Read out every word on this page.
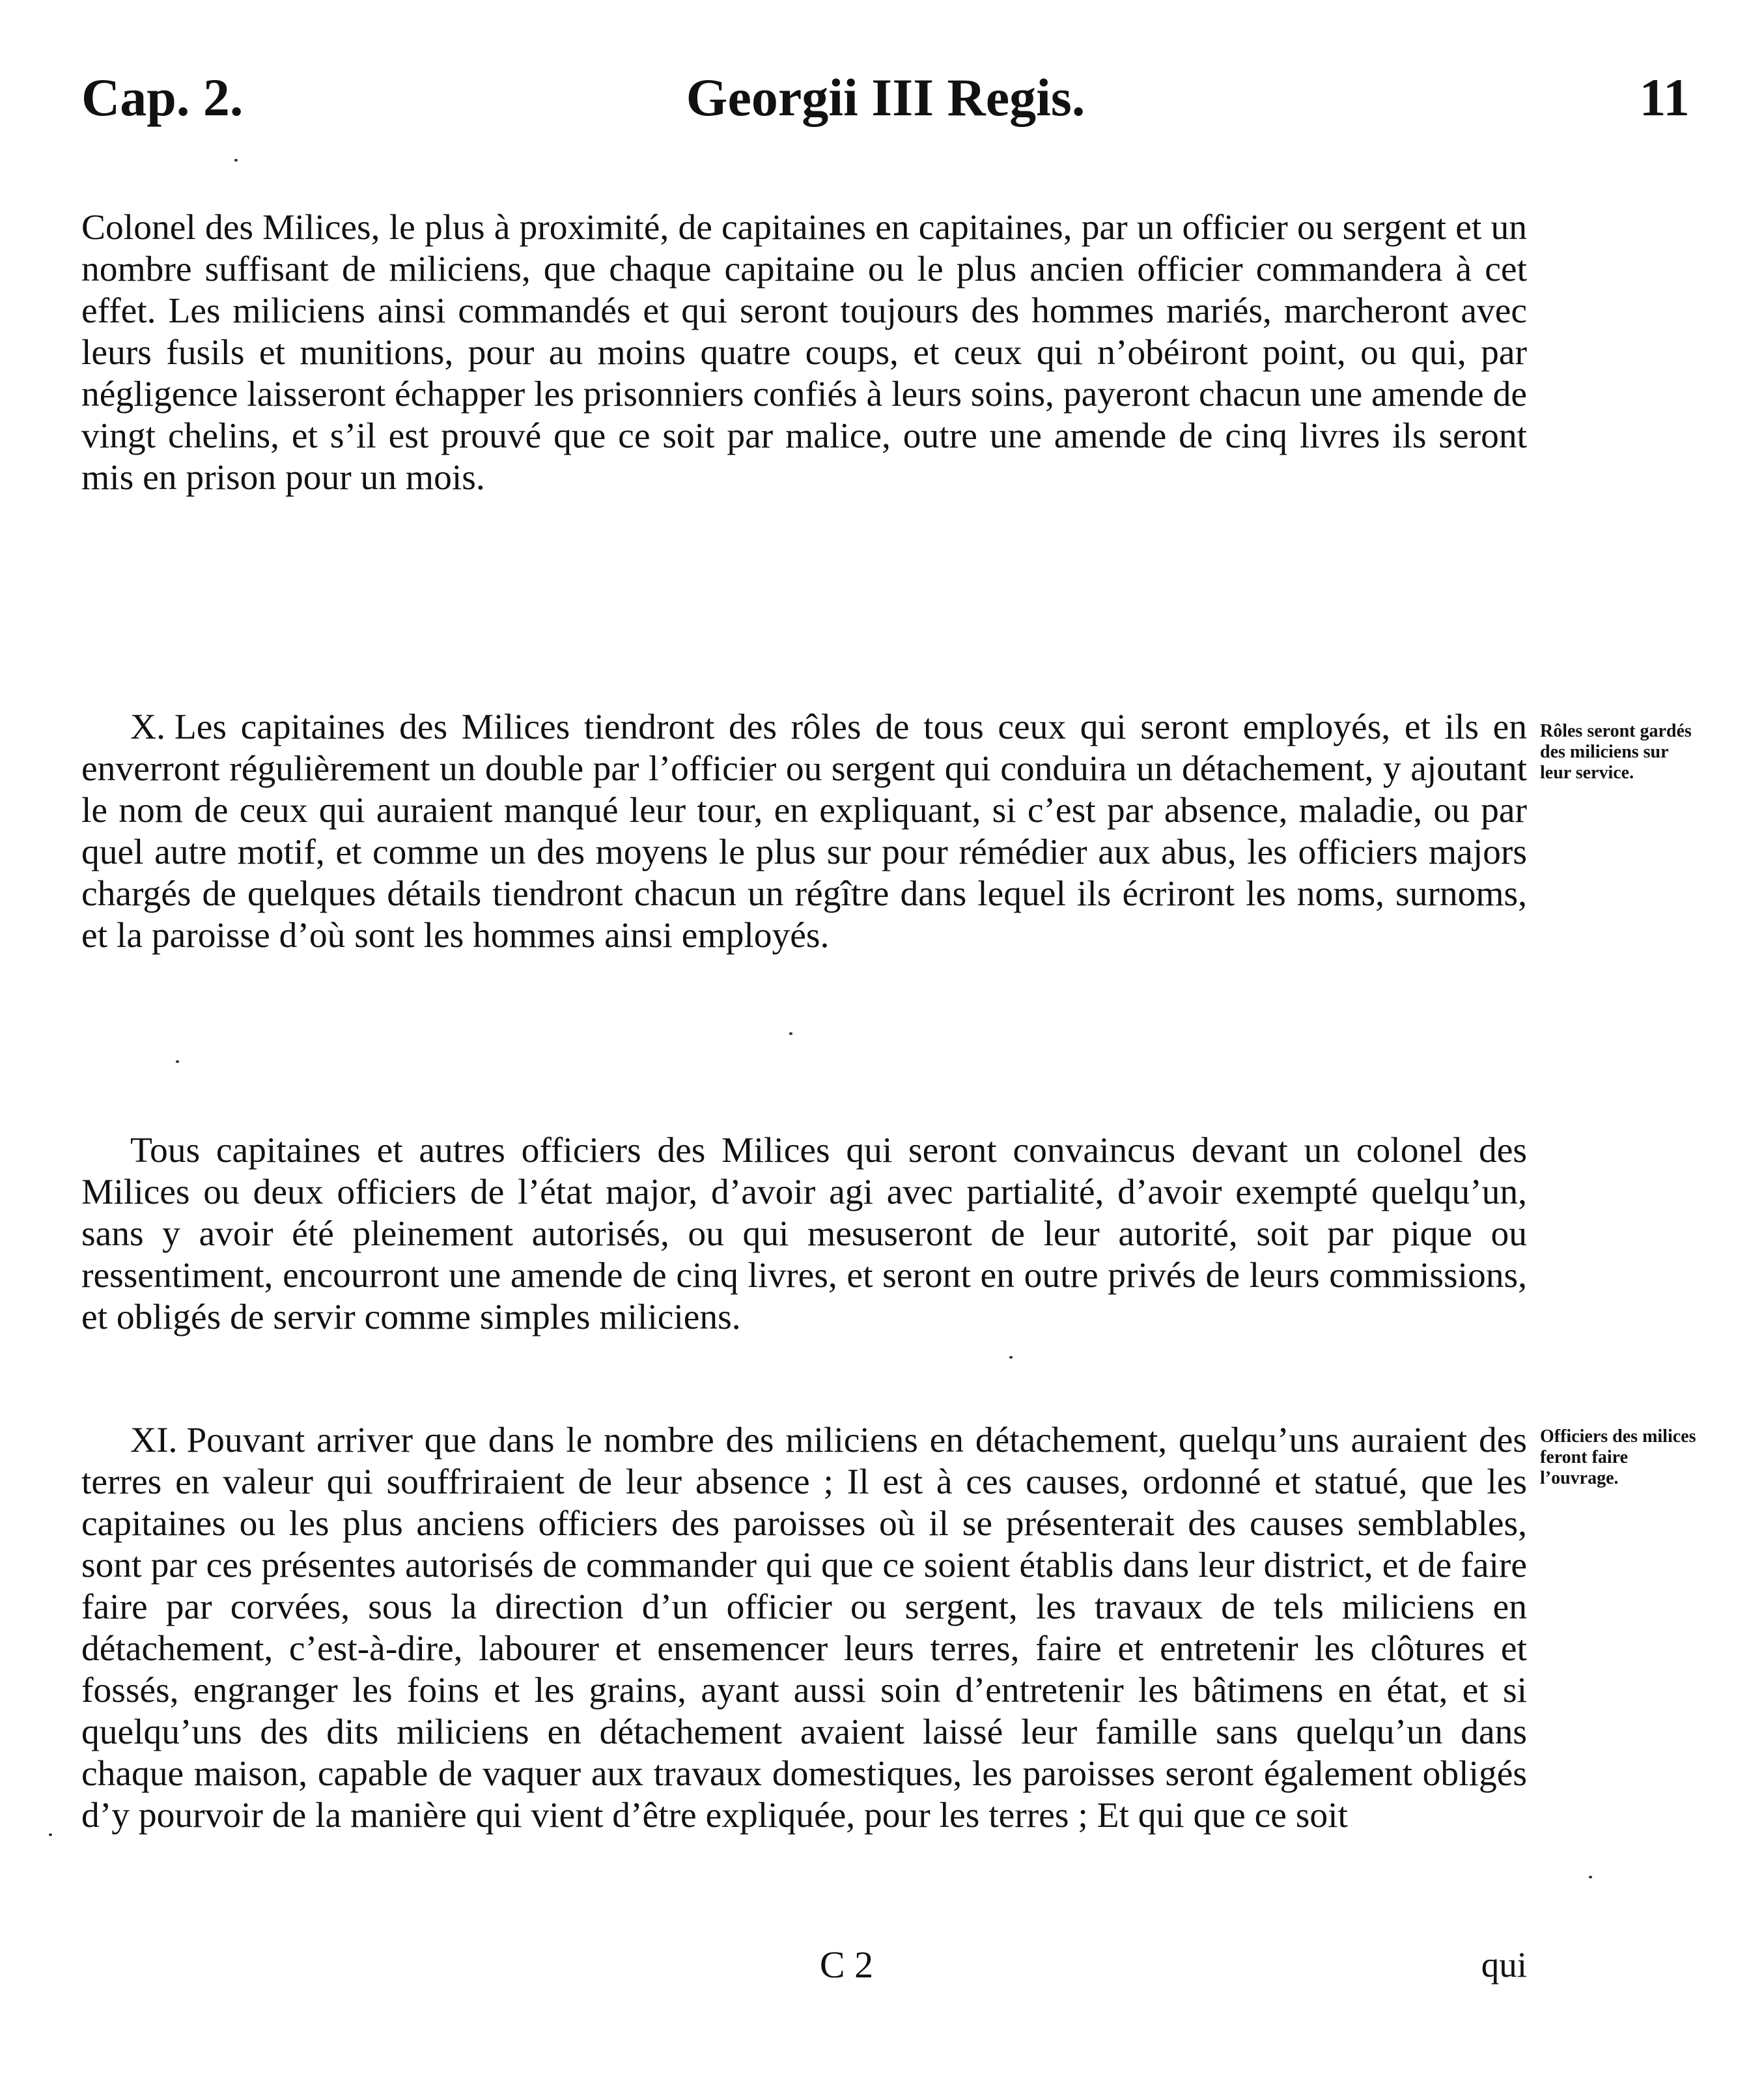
Cap. 2.	Georgii III Regis.	11
Colonel des Milices, le plus à proximité, de capitaines en capitaines, par un officier ou sergent et un nombre suffisant de miliciens, que chaque capitaine ou le plus ancien officier commandera à cet effet. Les miliciens ainsi commandés et qui seront toujours des hommes mariés, marcheront avec leurs fusils et munitions, pour au moins quatre coups, et ceux qui n’obéiront point, ou qui, par négligence laisseront échapper les prisonniers confiés à leurs soins, payeront chacun une amende de vingt chelins, et s’il est prouvé que ce soit par malice, outre une amende de cinq livres ils seront mis en prison pour un mois.
X. Les capitaines des Milices tiendront des rôles de tous ceux qui seront employés, et ils en enverront régulièrement un double par l’officier ou sergent qui conduira un détachement, y ajoutant le nom de ceux qui auraient manqué leur tour, en expliquant, si c’est par absence, maladie, ou par quel autre motif, et comme un des moyens le plus sur pour rémédier aux abus, les officiers majors chargés de quelques détails tiendront chacun un régître dans lequel ils écriront les noms, surnoms, et la paroisse d’où sont les hommes ainsi employés.
Rôles seront gardés des miliciens sur leur service.
Tous capitaines et autres officiers des Milices qui seront convaincus devant un colonel des Milices ou deux officiers de l’état major, d’avoir agi avec partialité, d’avoir exempté quelqu’un, sans y avoir été pleinement autorisés, ou qui mesuseront de leur autorité, soit par pique ou ressentiment, encourront une amende de cinq livres, et seront en outre privés de leurs commissions, et obligés de servir comme simples miliciens.
XI. Pouvant arriver que dans le nombre des miliciens en détachement, quelqu’uns auraient des terres en valeur qui souffriraient de leur absence ; Il est à ces causes, ordonné et statué, que les capitaines ou les plus anciens officiers des paroisses où il se présenterait des causes semblables, sont par ces présentes autorisés de commander qui que ce soient établis dans leur district, et de faire faire par corvées, sous la direction d’un officier ou sergent, les travaux de tels miliciens en détachement, c’est-à-dire, labourer et ensemencer leurs terres, faire et entretenir les clôtures et fossés, engranger les foins et les grains, ayant aussi soin d’entretenir les bâtimens en état, et si quelqu’uns des dits miliciens en détachement avaient laissé leur famille sans quelqu’un dans chaque maison, capable de vaquer aux travaux domestiques, les paroisses seront également obligés d’y pourvoir de la manière qui vient d’être expliquée, pour les terres ; Et qui que ce soit
Officiers des milices feront faire l’ouvrage.
C 2	qui
